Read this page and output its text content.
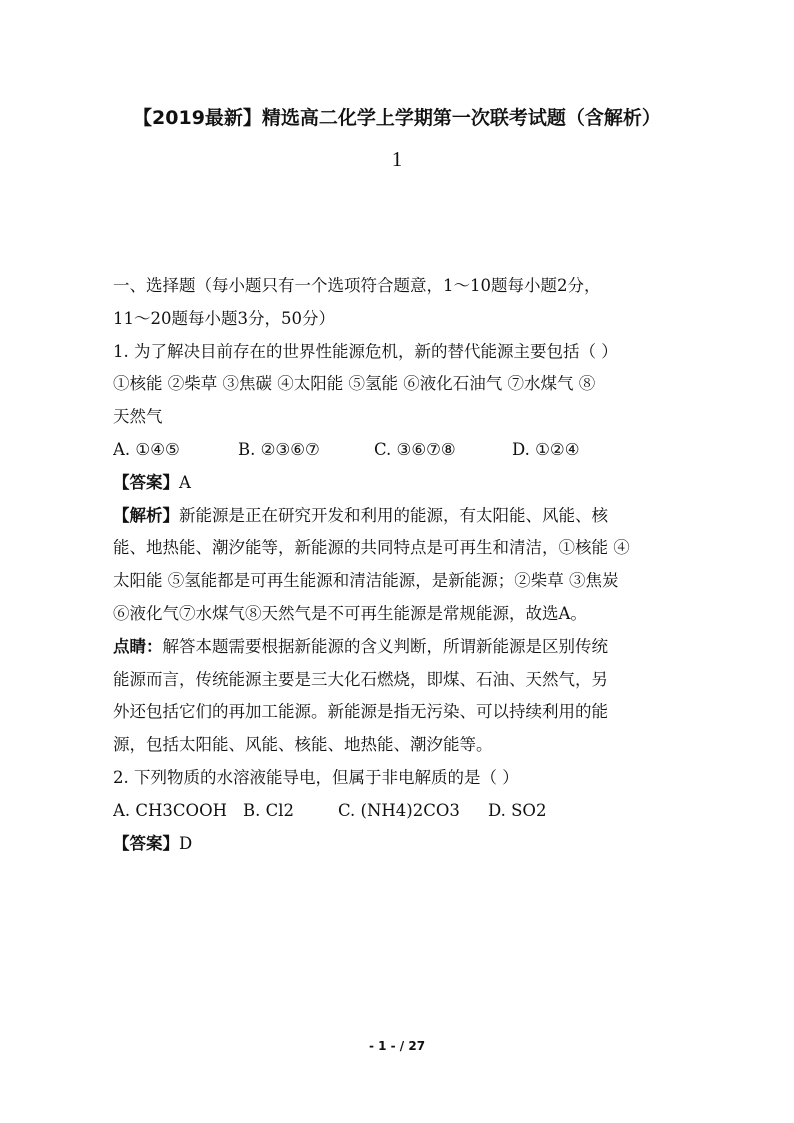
【2019最新】精选高二化学上学期第一次联考试题（含解析）
1
一、选择题（每小题只有一个选项符合题意，1～10题每小题2分，
11～20题每小题3分，50分）
1. 为了解决目前存在的世界性能源危机，新的替代能源主要包括（ ）
①核能 ②柴草 ③焦碳 ④太阳能 ⑤氢能 ⑥液化石油气 ⑦水煤气 ⑧
天然气
A. ①④⑤	B. ②③⑥⑦	C. ③⑥⑦⑧	D. ①②④
【答案】A
【解析】新能源是正在研究开发和利用的能源，有太阳能、风能、核
能、地热能、潮汐能等，新能源的共同特点是可再生和清洁，①核能 ④
太阳能 ⑤氢能都是可再生能源和清洁能源，是新能源；②柴草 ③焦炭
⑥液化气⑦水煤气⑧天然气是不可再生能源是常规能源，故选A。
点睛：解答本题需要根据新能源的含义判断，所谓新能源是区别传统
能源而言，传统能源主要是三大化石燃烧，即煤、石油、天然气，另
外还包括它们的再加工能源。新能源是指无污染、可以持续利用的能
源，包括太阳能、风能、核能、地热能、潮汐能等。
2. 下列物质的水溶液能导电，但属于非电解质的是（ ）
A. CH3COOH B. Cl2	C. (NH4)2CO3 D. SO2
【答案】D
- 1 - / 27
